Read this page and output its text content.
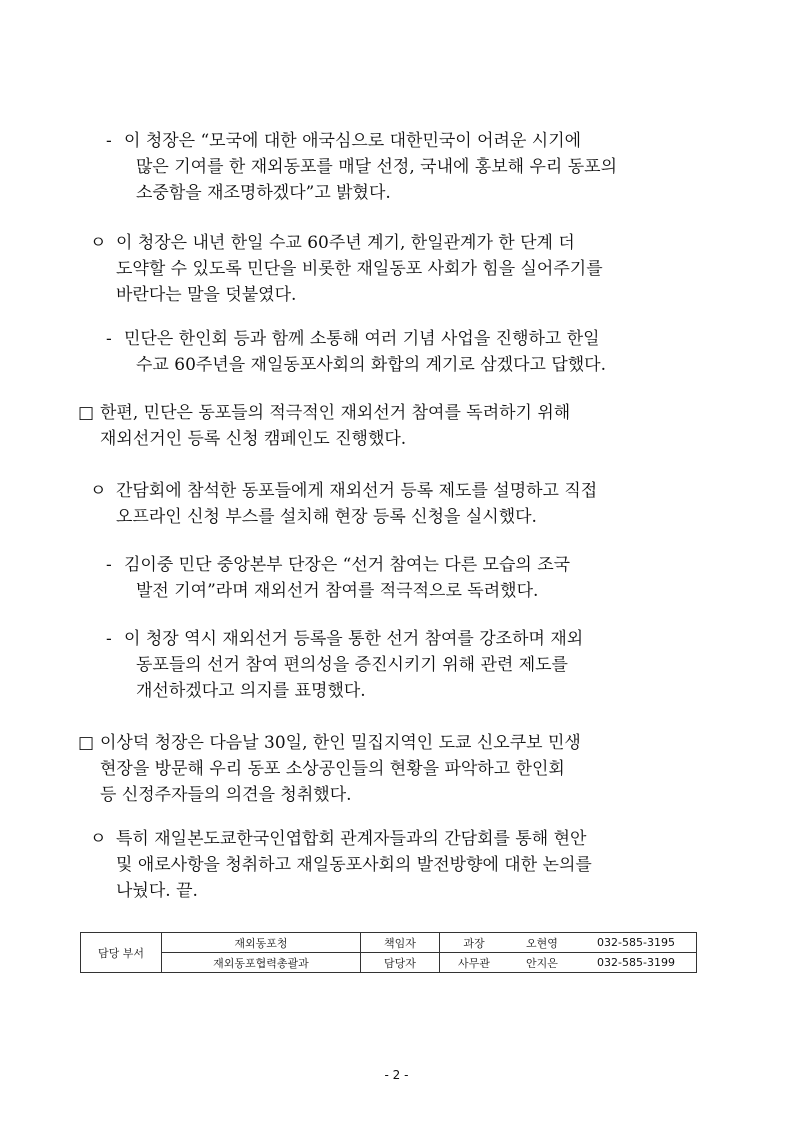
- 이 청장은 “모국에 대한 애국심으로 대한민국이 어려운 시기에
많은 기여를 한 재외동포를 매달 선정, 국내에 홍보해 우리 동포의
소중함을 재조명하겠다”고 밝혔다.
ㅇ 이 청장은 내년 한일 수교 60주년 계기, 한일관계가 한 단계 더
도약할 수 있도록 민단을 비롯한 재일동포 사회가 힘을 실어주기를
바란다는 말을 덧붙였다.
- 민단은 한인회 등과 함께 소통해 여러 기념 사업을 진행하고 한일
수교 60주년을 재일동포사회의 화합의 계기로 삼겠다고 답했다.
□ 한편, 민단은 동포들의 적극적인 재외선거 참여를 독려하기 위해
재외선거인 등록 신청 캠페인도 진행했다.
ㅇ 간담회에 참석한 동포들에게 재외선거 등록 제도를 설명하고 직접
오프라인 신청 부스를 설치해 현장 등록 신청을 실시했다.
- 김이중 민단 중앙본부 단장은 “선거 참여는 다른 모습의 조국
발전 기여”라며 재외선거 참여를 적극적으로 독려했다.
- 이 청장 역시 재외선거 등록을 통한 선거 참여를 강조하며 재외
동포들의 선거 참여 편의성을 증진시키기 위해 관련 제도를
개선하겠다고 의지를 표명했다.
□ 이상덕 청장은 다음날 30일, 한인 밀집지역인 도쿄 신오쿠보 민생
현장을 방문해 우리 동포 소상공인들의 현황을 파악하고 한인회
등 신정주자들의 의견을 청취했다.
ㅇ 특히 재일본도쿄한국인엽합회 관계자들과의 간담회를 통해 현안
및 애로사항을 청취하고 재일동포사회의 발전방향에 대한 논의를
나눴다. 끝.
담당 부서	재외동포청	책임자	과장	오현영	032-585-3195
	재외동포협력총괄과	담당자	사무관	안지은	032-585-3199
- 2 -
